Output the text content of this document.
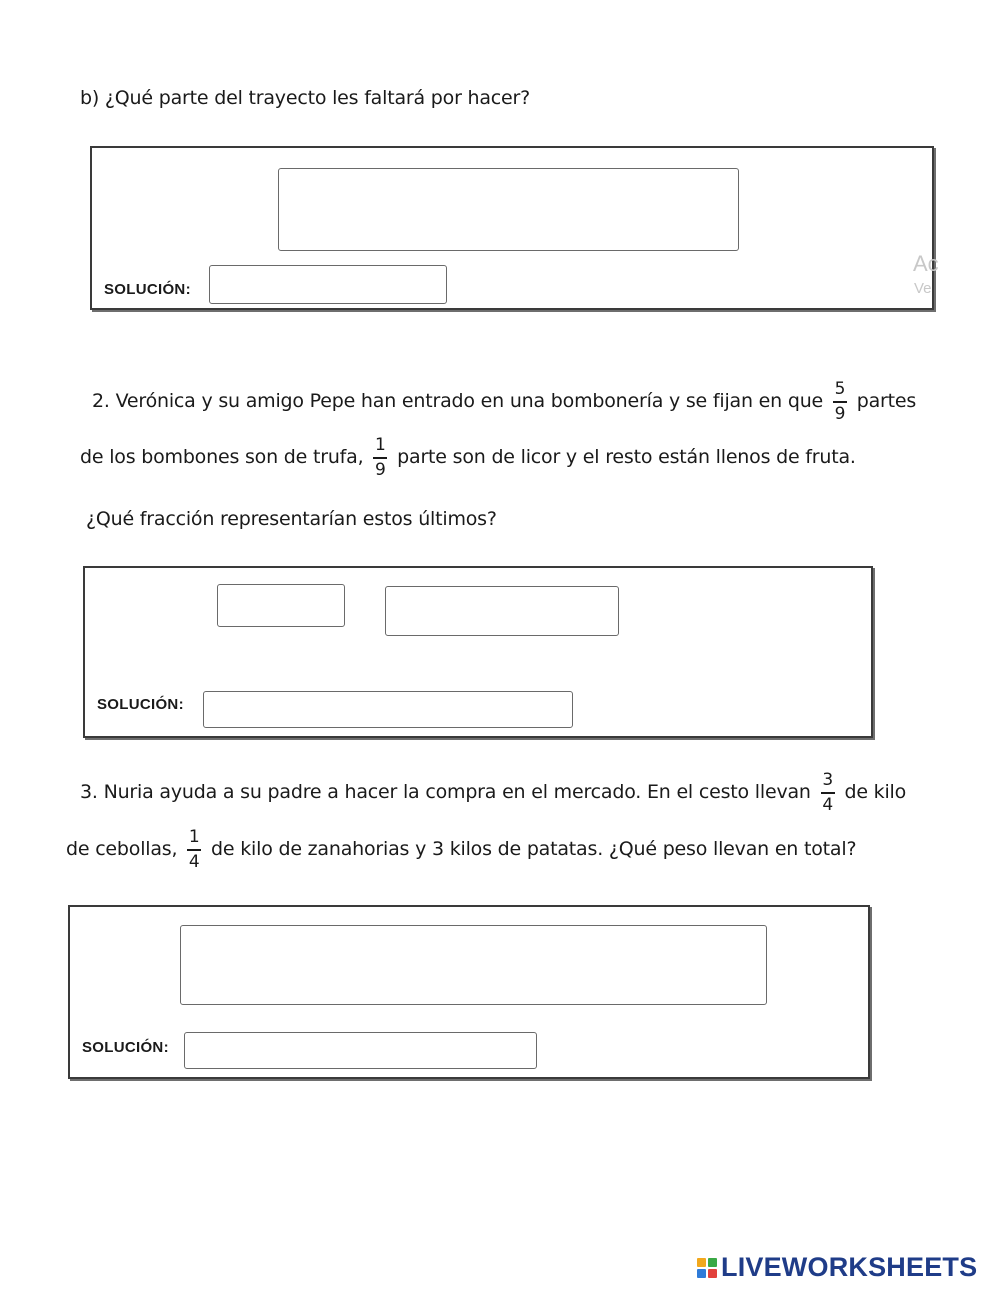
b) ¿Qué parte del trayecto les faltará por hacer?
SOLUCIÓN:
Ac
Ve
2. Verónica y su amigo Pepe han entrado en una bombonería y se fijan en que $\frac{5}{9}$ partes
de los bombones son de trufa, $\frac{1}{9}$ parte son de licor y el resto están llenos de fruta.
¿Qué fracción representarían estos últimos?
SOLUCIÓN:
3. Nuria ayuda a su padre a hacer la compra en el mercado. En el cesto llevan $\frac{3}{4}$ de kilo
de cebollas, $\frac{1}{4}$ de kilo de zanahorias y 3 kilos de patatas. ¿Qué peso llevan en total?
SOLUCIÓN:
LIVEWORKSHEETS
